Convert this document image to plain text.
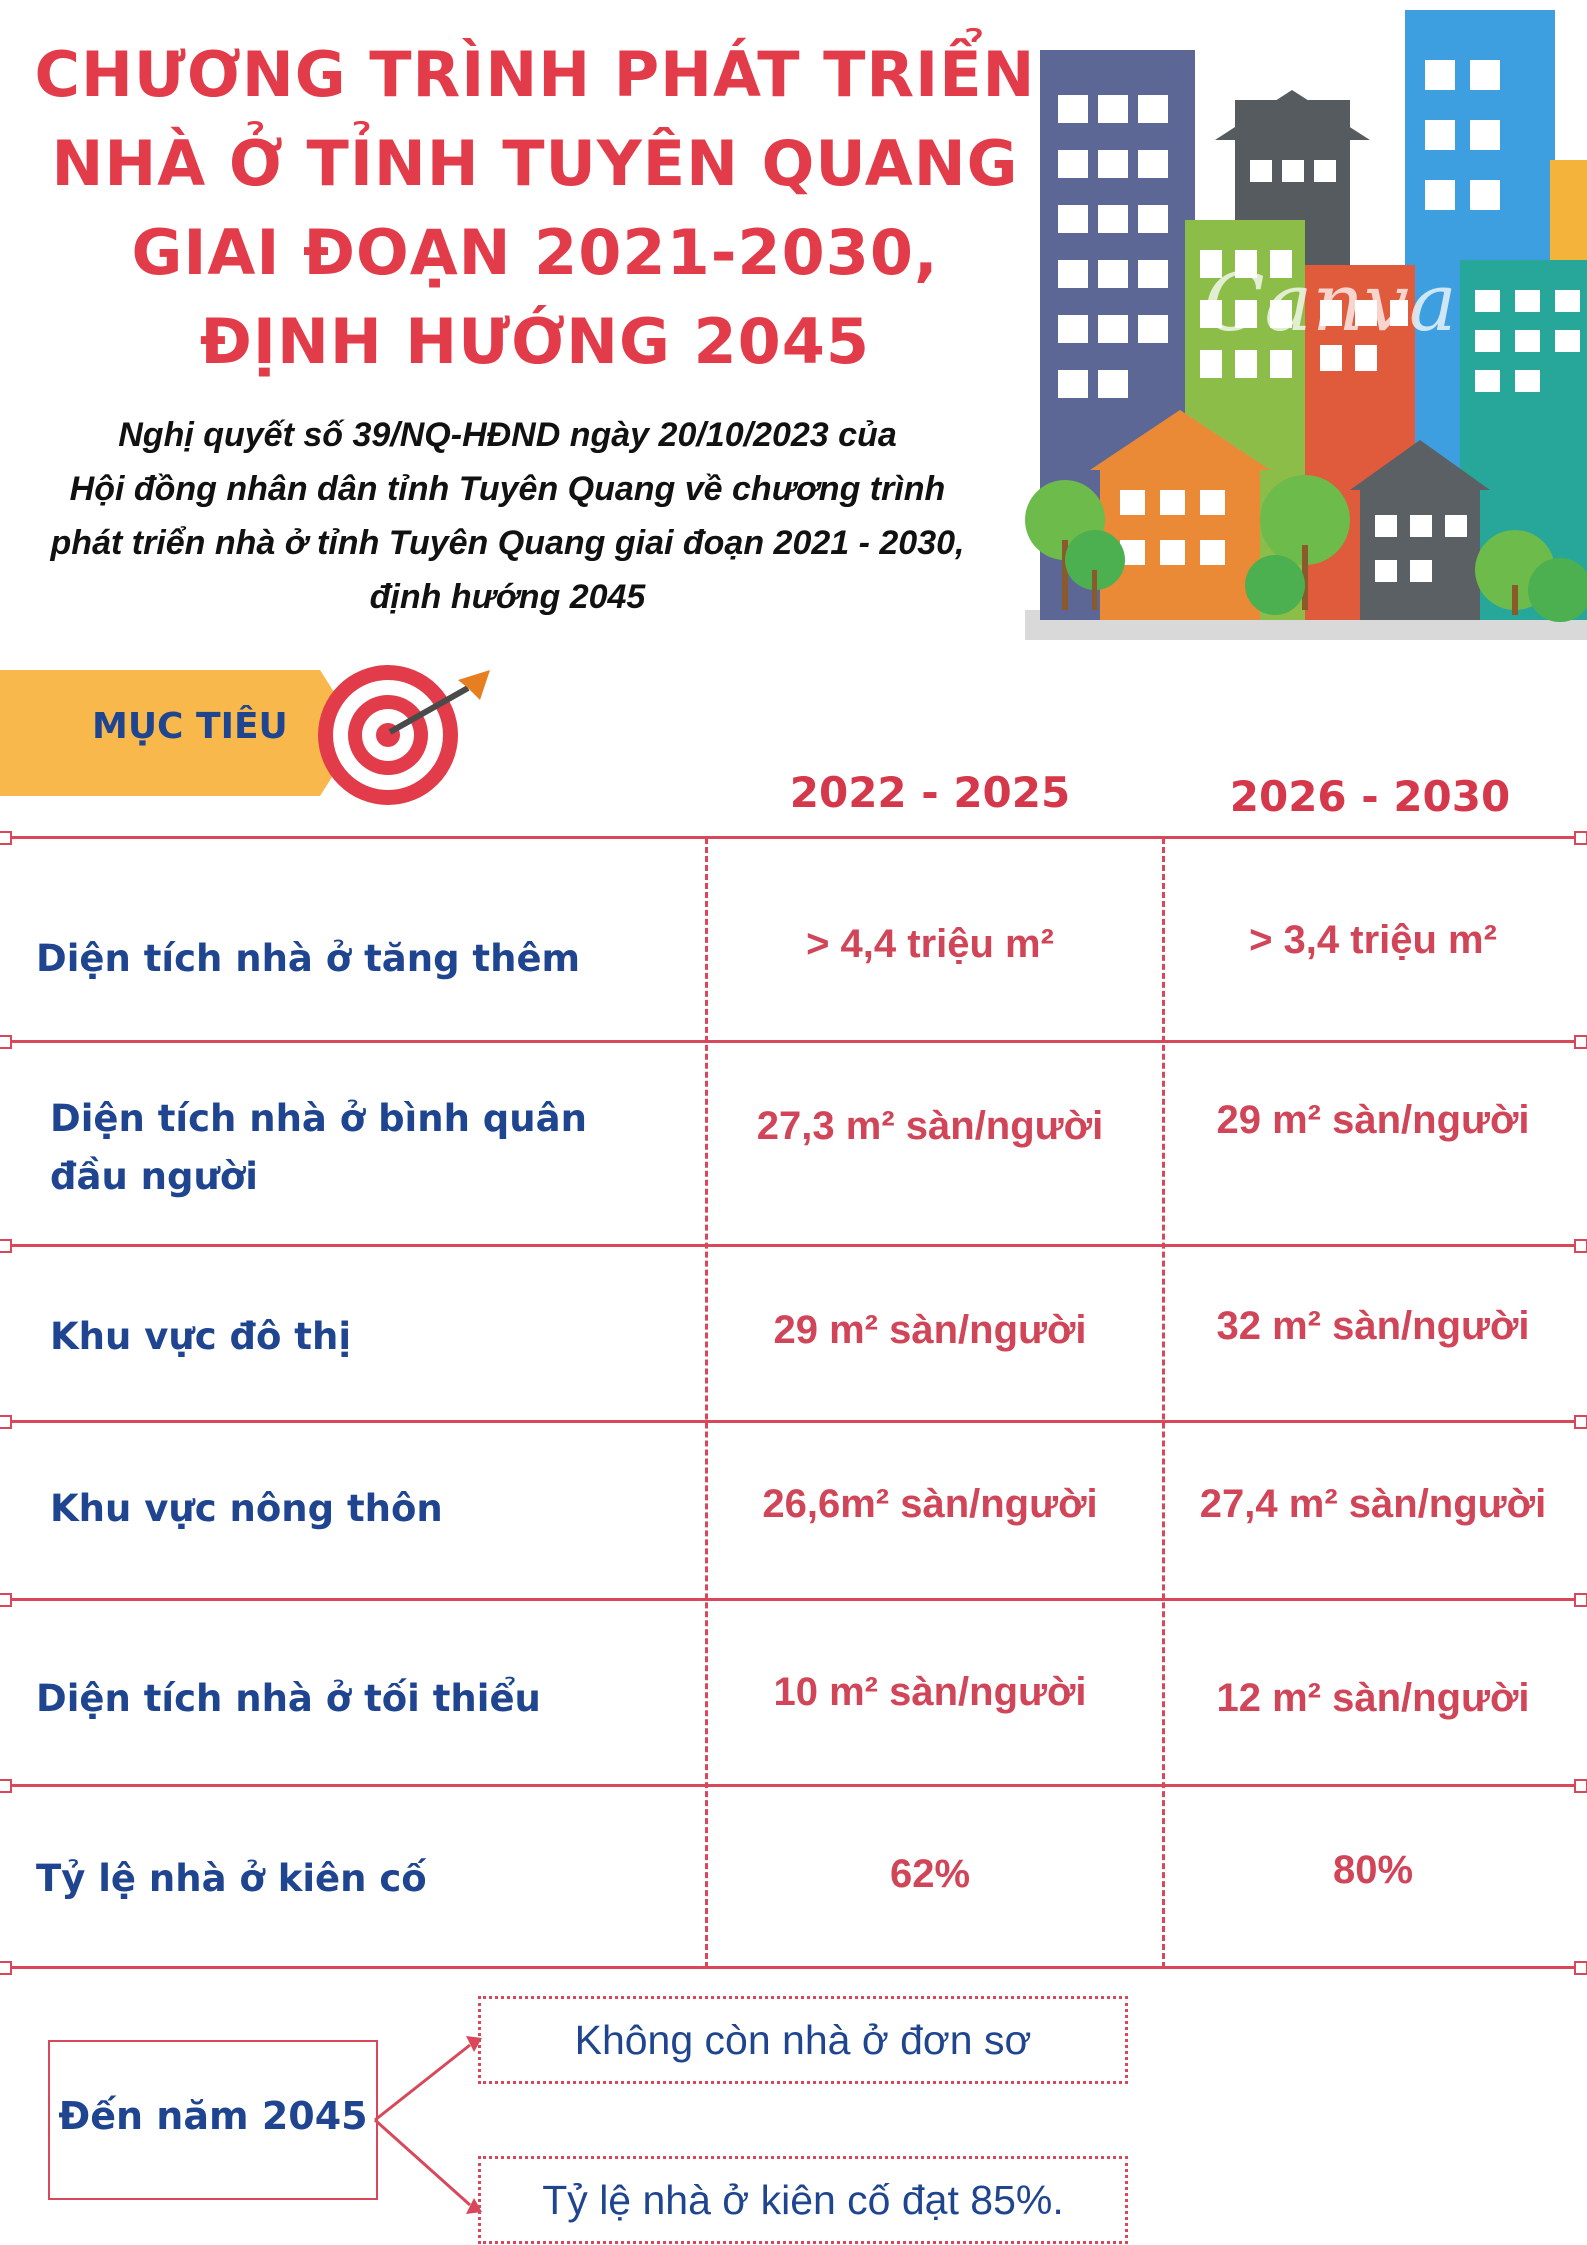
CHƯƠNG TRÌNH PHÁT TRIỂN
NHÀ Ở TỈNH TUYÊN QUANG
GIAI ĐOẠN 2021-2030,
ĐỊNH HƯỚNG 2045
Nghị quyết số 39/NQ-HĐND ngày 20/10/2023 của
Hội đồng nhân dân tỉnh Tuyên Quang về chương trình
phát triển nhà ở tỉnh Tuyên Quang giai đoạn 2021 - 2030,
định hướng 2045
Canva
MỤC TIÊU
2022 - 2025	2026 - 2030
Diện tích nhà ở tăng thêm	> 4,4 triệu m²	> 3,4 triệu m²
Diện tích nhà ở bình quân
đầu người
27,3 m² sàn/người	29 m² sàn/người
Khu vực đô thị	29 m² sàn/người	32 m² sàn/người
Khu vực nông thôn	26,6m² sàn/người	27,4 m² sàn/người
Diện tích nhà ở tối thiểu	10 m² sàn/người	12 m² sàn/người
Tỷ lệ nhà ở kiên cố	62%	80%
Đến năm 2045
Không còn nhà ở đơn sơ
Tỷ lệ nhà ở kiên cố đạt 85%.
